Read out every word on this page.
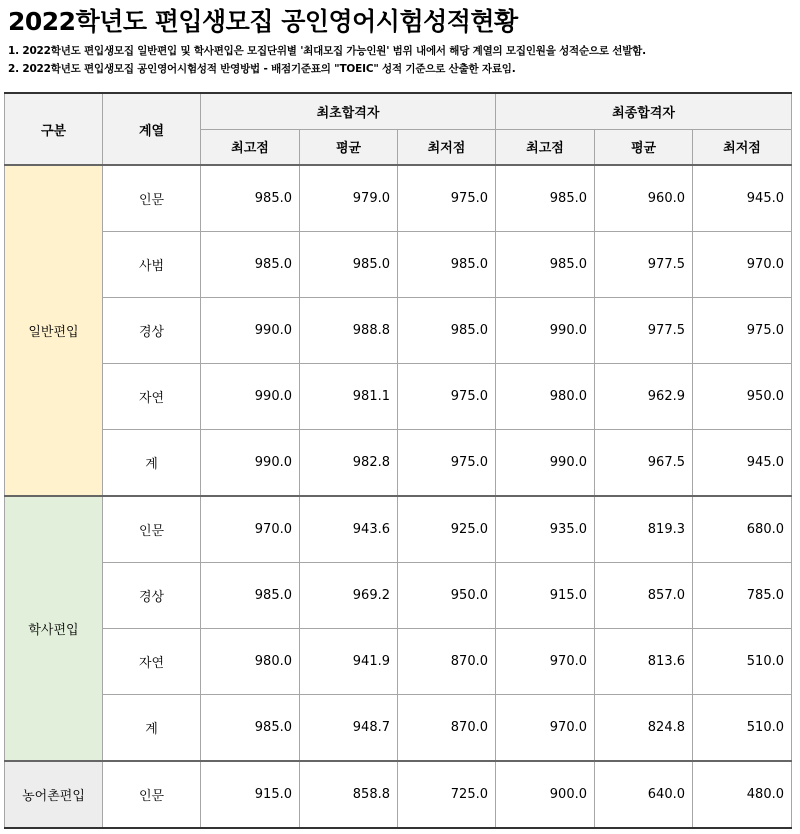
2022학년도 편입생모집 공인영어시험성적현황
1. 2022학년도 편입생모집 일반편입 및 학사편입은 모집단위별 '최대모집 가능인원' 범위 내에서 해당 계열의 모집인원을 성적순으로 선발함.
2. 2022학년도 편입생모집 공인영어시험성적 반영방법 - 배점기준표의 "TOEIC" 성적 기준으로 산출한 자료임.
구분	계열	최초합격자			최종합격자		
		최고점	평균	최저점	최고점	평균	최저점
일반편입	인문	985.0	979.0	975.0	985.0	960.0	945.0
	사범	985.0	985.0	985.0	985.0	977.5	970.0
	경상	990.0	988.8	985.0	990.0	977.5	975.0
	자연	990.0	981.1	975.0	980.0	962.9	950.0
	계	990.0	982.8	975.0	990.0	967.5	945.0
학사편입	인문	970.0	943.6	925.0	935.0	819.3	680.0
	경상	985.0	969.2	950.0	915.0	857.0	785.0
	자연	980.0	941.9	870.0	970.0	813.6	510.0
	계	985.0	948.7	870.0	970.0	824.8	510.0
농어촌편입	인문	915.0	858.8	725.0	900.0	640.0	480.0
